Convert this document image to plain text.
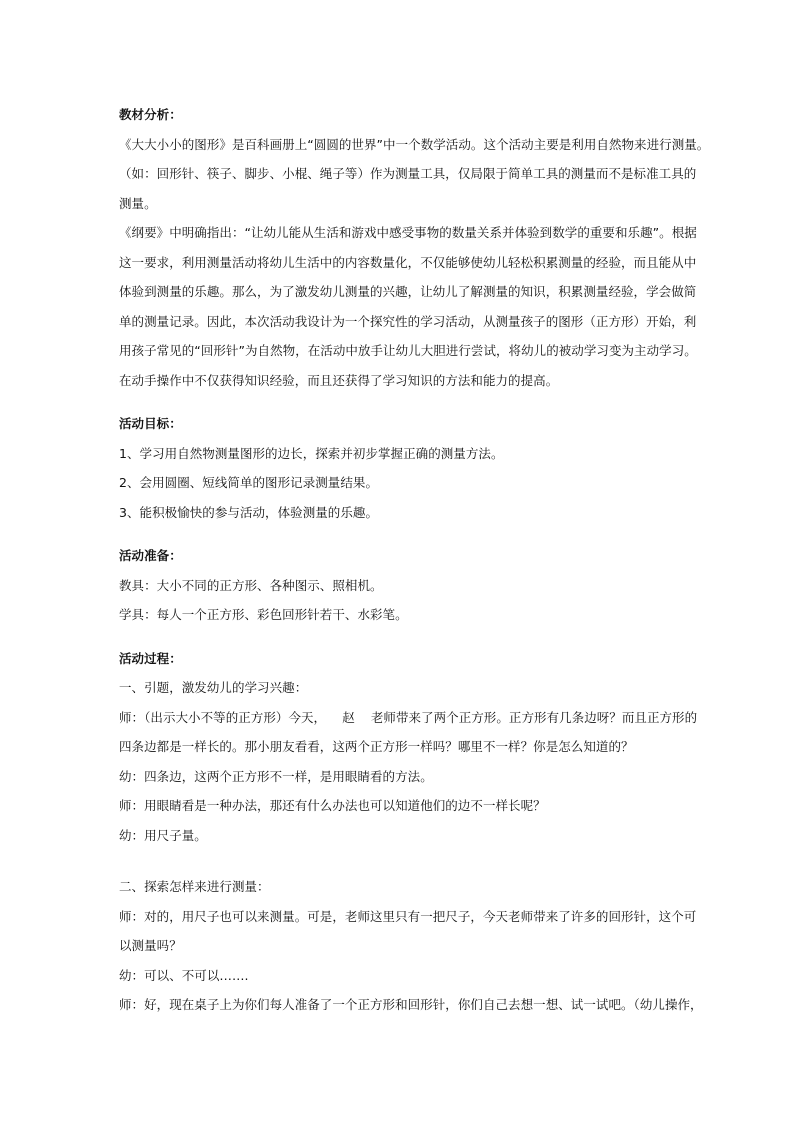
教材分析：
《大大小小的图形》是百科画册上“圆圆的世界”中一个数学活动。这个活动主要是利用自然物来进行测量。
（如：回形针、筷子、脚步、小棍、绳子等）作为测量工具，仅局限于简单工具的测量而不是标准工具的
测量。
《纲要》中明确指出：“让幼儿能从生活和游戏中感受事物的数量关系并体验到数学的重要和乐趣”。根据
这一要求，利用测量活动将幼儿生活中的内容数量化，不仅能够使幼儿轻松积累测量的经验，而且能从中
体验到测量的乐趣。那么，为了激发幼儿测量的兴趣，让幼儿了解测量的知识，积累测量经验，学会做简
单的测量记录。因此，本次活动我设计为一个探究性的学习活动，从测量孩子的图形（正方形）开始，利
用孩子常见的“回形针”为自然物，在活动中放手让幼儿大胆进行尝试，将幼儿的被动学习变为主动学习。
在动手操作中不仅获得知识经验，而且还获得了学习知识的方法和能力的提高。
活动目标：
1、学习用自然物测量图形的边长，探索并初步掌握正确的测量方法。
2、会用圆圈、短线简单的图形记录测量结果。
3、能积极愉快的参与活动，体验测量的乐趣。
活动准备：
教具：大小不同的正方形、各种图示、照相机。
学具：每人一个正方形、彩色回形针若干、水彩笔。
活动过程：
一、引题，激发幼儿的学习兴趣：
师：（出示大小不等的正方形）今天，    赵    老师带来了两个正方形。正方形有几条边呀？而且正方形的
四条边都是一样长的。那小朋友看看，这两个正方形一样吗？哪里不一样？你是怎么知道的？
幼：四条边，这两个正方形不一样，是用眼睛看的方法。
师：用眼睛看是一种办法，那还有什么办法也可以知道他们的边不一样长呢？
幼：用尺子量。
二、探索怎样来进行测量：
师：对的，用尺子也可以来测量。可是，老师这里只有一把尺子，今天老师带来了许多的回形针，这个可
以测量吗？
幼：可以、不可以…….
师：好，现在桌子上为你们每人准备了一个正方形和回形针，你们自己去想一想、试一试吧。（幼儿操作，
